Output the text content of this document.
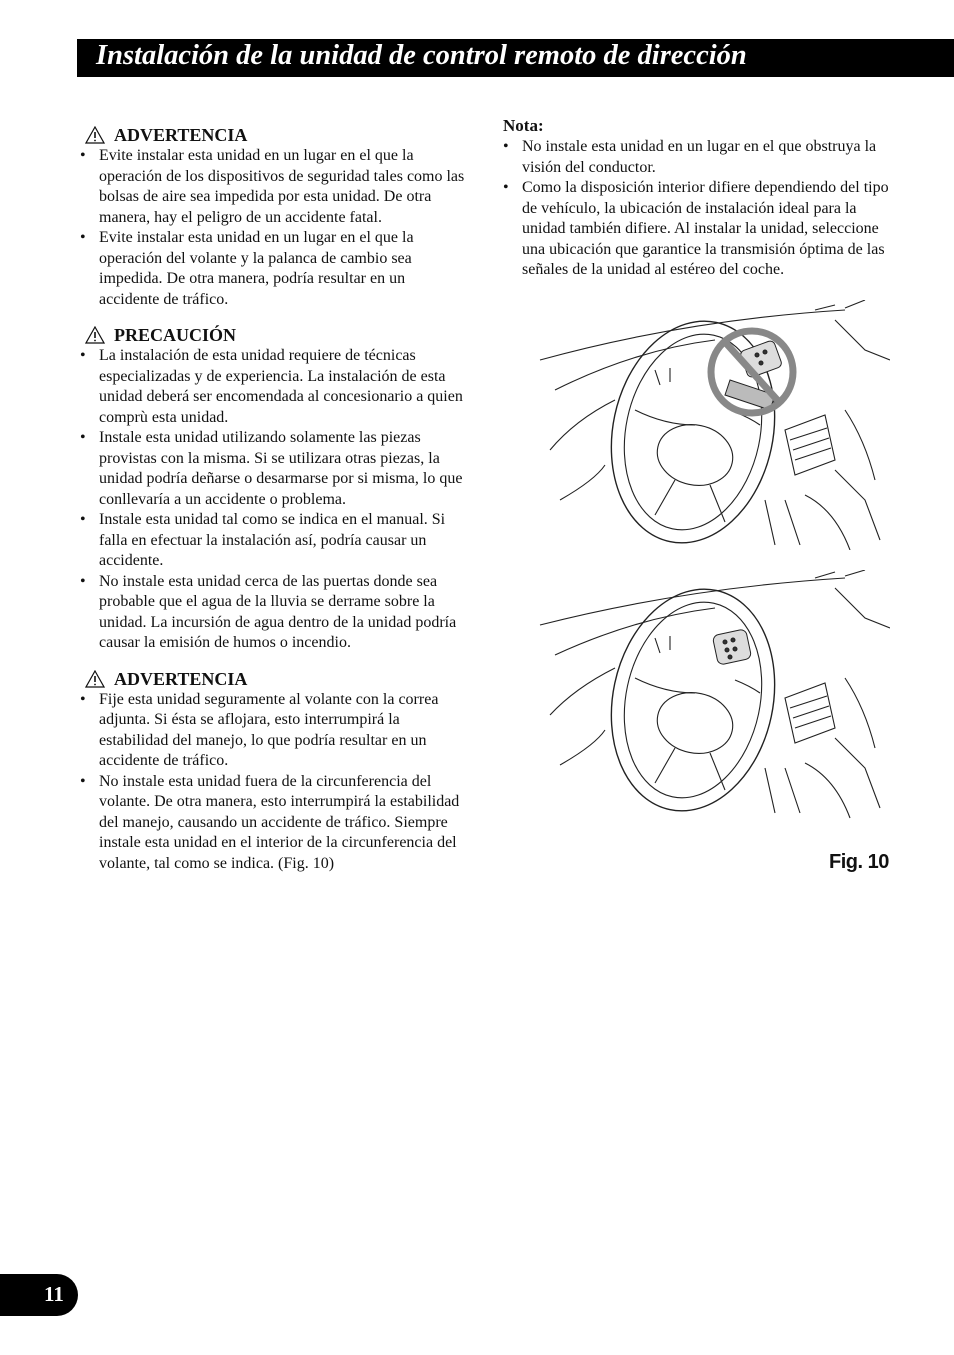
Instalación de la unidad de control remoto de dirección

ADVERTENCIA

• Evite instalar esta unidad en un lugar en el que la operación de los dispositivos de seguridad tales como las bolsas de aire sea impedida por esta unidad. De otra manera, hay el peligro de un accidente fatal.
• Evite instalar esta unidad en un lugar en el que la operación del volante y la palanca de cambio sea impedida. De otra manera, podría resultar en un accidente de tráfico.

PRECAUCIÓN

• La instalación de esta unidad requiere de técnicas especializadas y de experiencia. La instalación de esta unidad deberá ser encomendada al concesionario a quien comprù esta unidad.
• Instale esta unidad utilizando solamente las piezas provistas con la misma. Si se utilizara otras piezas, la unidad podría deñarse o desarmarse por si misma, lo que conllevaría a un accidente o problema.
• Instale esta unidad tal como se indica en el manual. Si falla en efectuar la instalación así, podría causar un accidente.
• No instale esta unidad cerca de las puertas donde sea probable que el agua de la lluvia se derrame sobre la unidad. La incursión de agua dentro de la unidad podría causar la emisión de humos o incendio.

ADVERTENCIA

• Fije esta unidad seguramente al volante con la correa adjunta. Si ésta se aflojara, esto interrumpirá la estabilidad del manejo, lo que podría resultar en un accidente de tráfico.
• No instale esta unidad fuera de la circunferencia del volante. De otra manera, esto interrumpirá la estabilidad del manejo, causando un accidente de tráfico. Siempre instale esta unidad en el interior de la circunferencia del volante, tal como se indica. (Fig. 10)

Nota:

• No instale esta unidad en un lugar en el que obstruya la visión del conductor.
• Como la disposición interior difiere dependiendo del tipo de vehículo, la ubicación de instalación ideal para la unidad también difiere. Al instalar la unidad, seleccione una ubicación que garantice la transmisión óptima de las señales de la unidad al estéreo del coche.
Fig. 10
11
